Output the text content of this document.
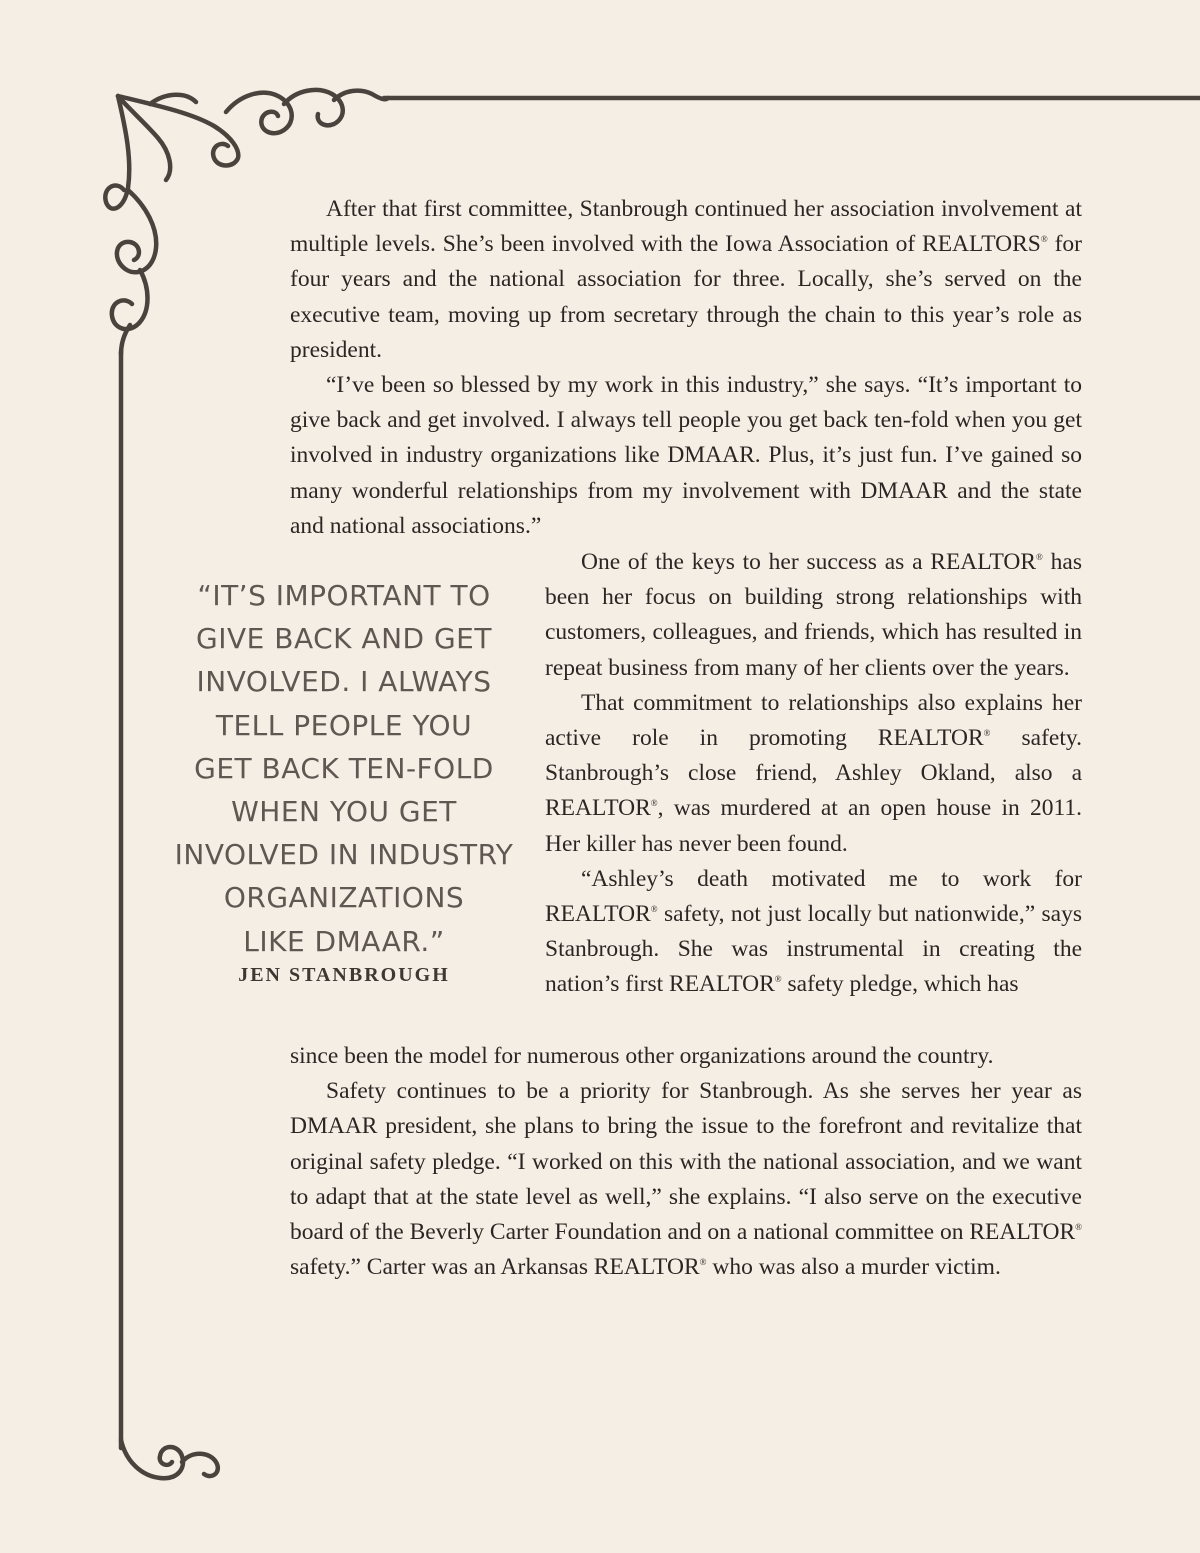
After that first committee, Stanbrough continued her association involvement at multiple levels. She’s been involved with the Iowa Association of REALTORS® for four years and the national association for three. Locally, she’s served on the executive team, moving up from secretary through the chain to this year’s role as president.

“I’ve been so blessed by my work in this industry,” she says. “It’s important to give back and get involved. I always tell people you get back ten-fold when you get involved in industry organizations like DMAAR. Plus, it’s just fun. I’ve gained so many wonderful relationships from my involvement with DMAAR and the state and national associations.”

“IT’S IMPORTANT TO
GIVE BACK AND GET
INVOLVED. I ALWAYS
TELL PEOPLE YOU
GET BACK TEN-FOLD
WHEN YOU GET
INVOLVED IN INDUSTRY
ORGANIZATIONS
LIKE DMAAR.”
JEN STANBROUGH

One of the keys to her success as a REALTOR® has been her focus on building strong relationships with customers, colleagues, and friends, which has resulted in repeat business from many of her clients over the years.

That commitment to relationships also explains her active role in promoting REALTOR® safety. Stanbrough’s close friend, Ashley Okland, also a REALTOR®, was murdered at an open house in 2011. Her killer has never been found.

“Ashley’s death motivated me to work for REALTOR® safety, not just locally but nationwide,” says Stanbrough. She was instrumental in creating the nation’s first REALTOR® safety pledge, which has

since been the model for numerous other organizations around the country.

Safety continues to be a priority for Stanbrough. As she serves her year as DMAAR president, she plans to bring the issue to the forefront and revitalize that original safety pledge. “I worked on this with the national association, and we want to adapt that at the state level as well,” she explains. “I also serve on the executive board of the Beverly Carter Foundation and on a national committee on REALTOR® safety.” Carter was an Arkansas REALTOR® who was also a murder victim.
